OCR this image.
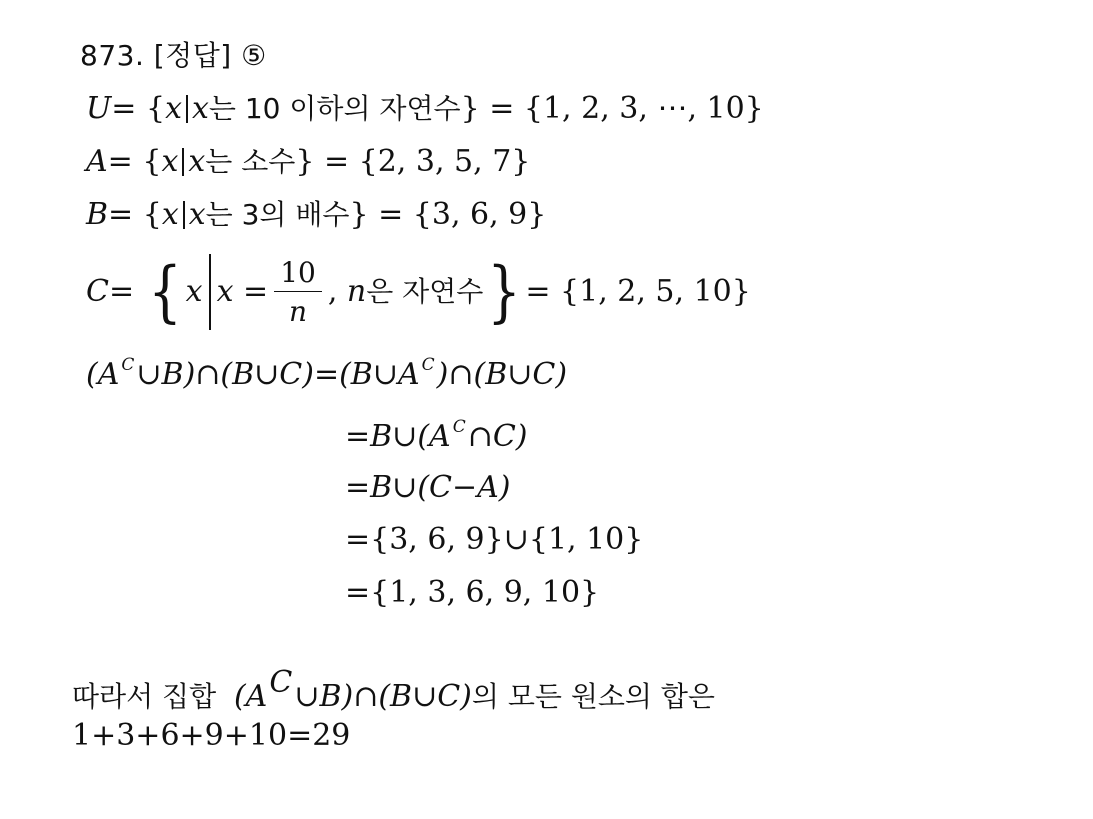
873. [정답] ⑤
U= {x x는 10 이하의 자연수} = {1, 2, 3, ⋯, 10}
A= {x x는 소수} = {2, 3, 5, 7}
B= {x x는 3의 배수} = {3, 6, 9}
C = { x $x = \frac{10}{n}$ , n 은 자연수 } = {1, 2, 5, 10}
(A $^C$∪B)∩(B∪C)=(B∪A $^C$)∩(B∪C)
=B∪(A $^C$∩C)
=B∪(C−A)
={3, 6, 9}∪{1, 10}
={1, 3, 6, 9, 10}
따라서 집합 (AC∪B)∩(B∪C)의 모든 원소의 합은
1+3+6+9+10=29
